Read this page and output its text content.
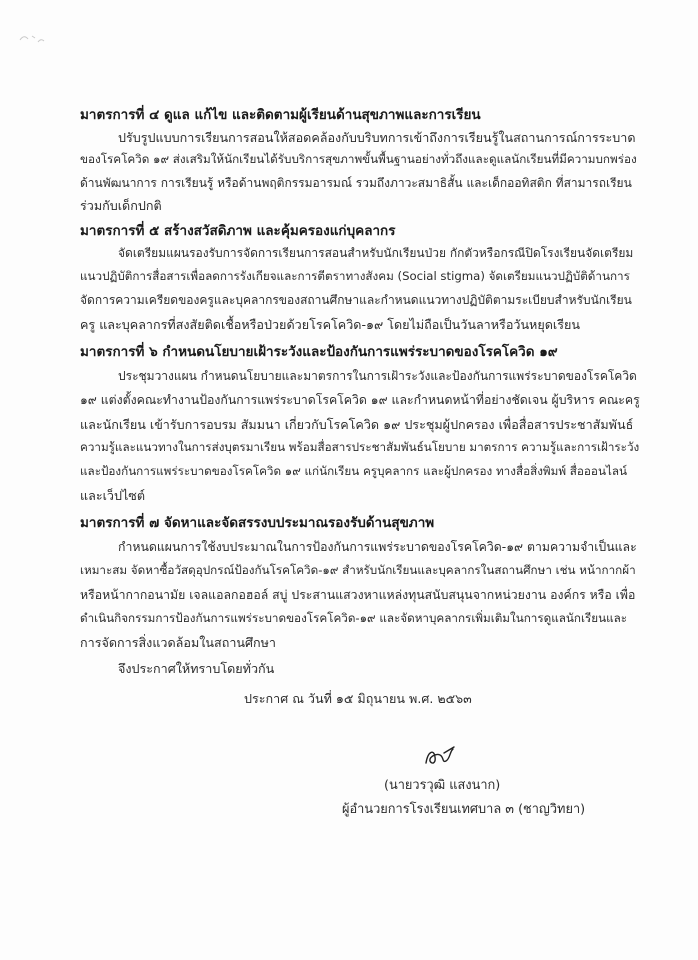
มาตรการที่ ๔ ดูแล แก้ไข และติดตามผู้เรียนด้านสุขภาพและการเรียน
ปรับรูปแบบการเรียนการสอนให้สอดคล้องกับบริบทการเข้าถึงการเรียนรู้ในสถานการณ์การระบาด
ของโรคโควิด ๑๙ ส่งเสริมให้นักเรียนได้รับบริการสุขภาพขั้นพื้นฐานอย่างทั่วถึงและดูแลนักเรียนที่มีความบกพร่อง
ด้านพัฒนาการ การเรียนรู้ หรือด้านพฤติกรรมอารมณ์ รวมถึงภาวะสมาธิสั้น และเด็กออทิสติก ที่สามารถเรียน
ร่วมกับเด็กปกติ
มาตรการที่ ๕ สร้างสวัสดิภาพ และคุ้มครองแก่บุคลากร
จัดเตรียมแผนรองรับการจัดการเรียนการสอนสำหรับนักเรียนป่วย กักตัวหรือกรณีปิดโรงเรียนจัดเตรียม
แนวปฏิบัติการสื่อสารเพื่อลดการรังเกียจและการตีตราทางสังคม (Social stigma) จัดเตรียมแนวปฏิบัติด้านการ
จัดการความเครียดของครูและบุคลากรของสถานศึกษาและกำหนดแนวทางปฏิบัติตามระเบียบสำหรับนักเรียน
ครู และบุคลากรที่สงสัยติดเชื้อหรือป่วยด้วยโรคโควิด-๑๙ โดยไม่ถือเป็นวันลาหรือวันหยุดเรียน
มาตรการที่ ๖ กำหนดนโยบายเฝ้าระวังและป้องกันการแพร่ระบาดของโรคโควิด ๑๙
ประชุมวางแผน กำหนดนโยบายและมาตรการในการเฝ้าระวังและป้องกันการแพร่ระบาดของโรคโควิด
๑๙ แต่งตั้งคณะทำงานป้องกันการแพร่ระบาดโรคโควิด ๑๙ และกำหนดหน้าที่อย่างชัดเจน ผู้บริหาร คณะครู
และนักเรียน เข้ารับการอบรม สัมมนา เกี่ยวกับโรคโควิด ๑๙ ประชุมผู้ปกครอง เพื่อสื่อสารประชาสัมพันธ์
ความรู้และแนวทางในการส่งบุตรมาเรียน พร้อมสื่อสารประชาสัมพันธ์นโยบาย มาตรการ ความรู้และการเฝ้าระวัง
และป้องกันการแพร่ระบาดของโรคโควิด ๑๙ แก่นักเรียน ครูบุคลากร และผู้ปกครอง ทางสื่อสิ่งพิมพ์ สื่อออนไลน์
และเว็ปไซต์
มาตรการที่ ๗ จัดหาและจัดสรรงบประมาณรองรับด้านสุขภาพ
กำหนดแผนการใช้งบประมาณในการป้องกันการแพร่ระบาดของโรคโควิด-๑๙ ตามความจำเป็นและ
เหมาะสม จัดหาซื้อวัสดุอุปกรณ์ป้องกันโรคโควิด-๑๙ สำหรับนักเรียนและบุคลากรในสถานศึกษา เช่น หน้ากากผ้า
หรือหน้ากากอนามัย เจลแอลกอฮอล์ สบู่ ประสานแสวงหาแหล่งทุนสนับสนุนจากหน่วยงาน องค์กร หรือ เพื่อ
ดำเนินกิจกรรมการป้องกันการแพร่ระบาดของโรคโควิด-๑๙ และจัดหาบุคลากรเพิ่มเติมในการดูแลนักเรียนและ
การจัดการสิ่งแวดล้อมในสถานศึกษา
จึงประกาศให้ทราบโดยทั่วกัน
ประกาศ ณ วันที่ ๑๕ มิถุนายน พ.ศ. ๒๕๖๓
(นายวรวุฒิ แสงนาก)
ผู้อำนวยการโรงเรียนเทศบาล ๓ (ชาญวิทยา)
